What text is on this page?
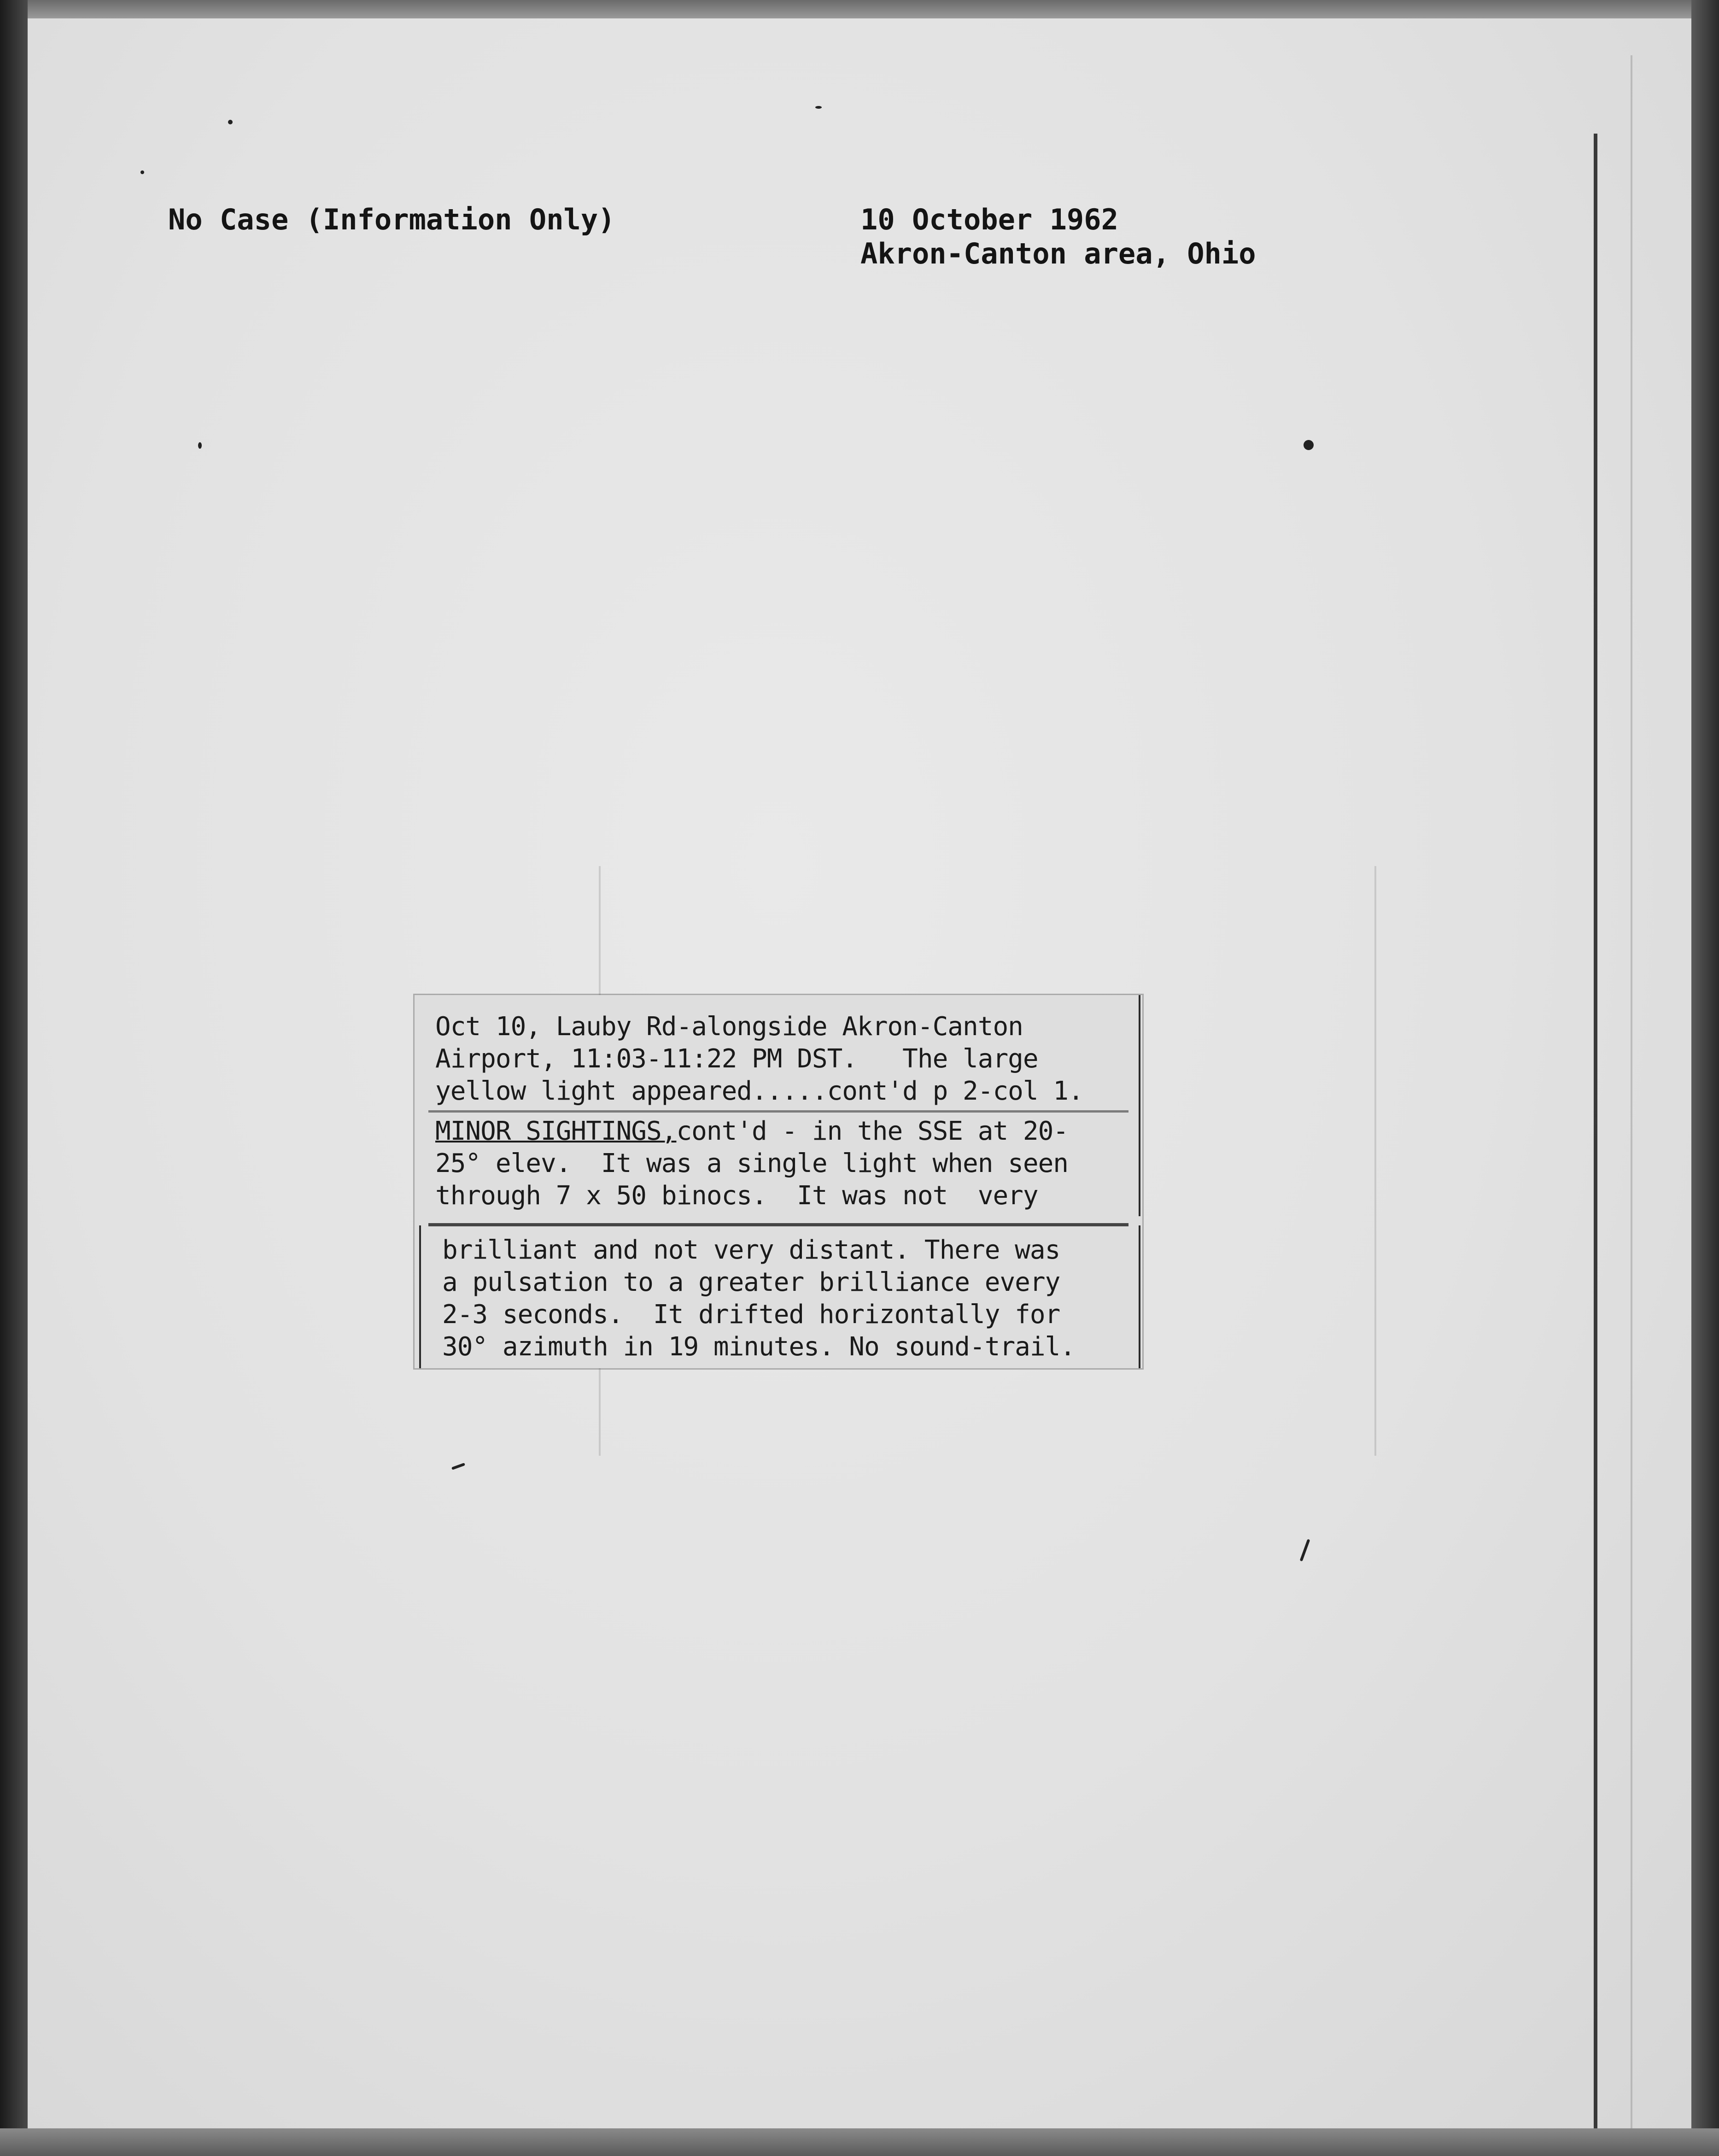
No Case (Information Only)	10 October 1962
Akron-Canton area, Ohio
Oct 10, Lauby Rd-alongside Akron-Canton
Airport, 11:03-11:22 PM DST.   The large
yellow light appeared.....cont'd p 2-col 1.
MINOR SIGHTINGS,cont'd - in the SSE at 20-
25° elev.  It was a single light when seen
through 7 x 50 binocs.  It was not  very
brilliant and not very distant. There was
a pulsation to a greater brilliance every
2-3 seconds.  It drifted horizontally for
30° azimuth in 19 minutes. No sound-trail.
